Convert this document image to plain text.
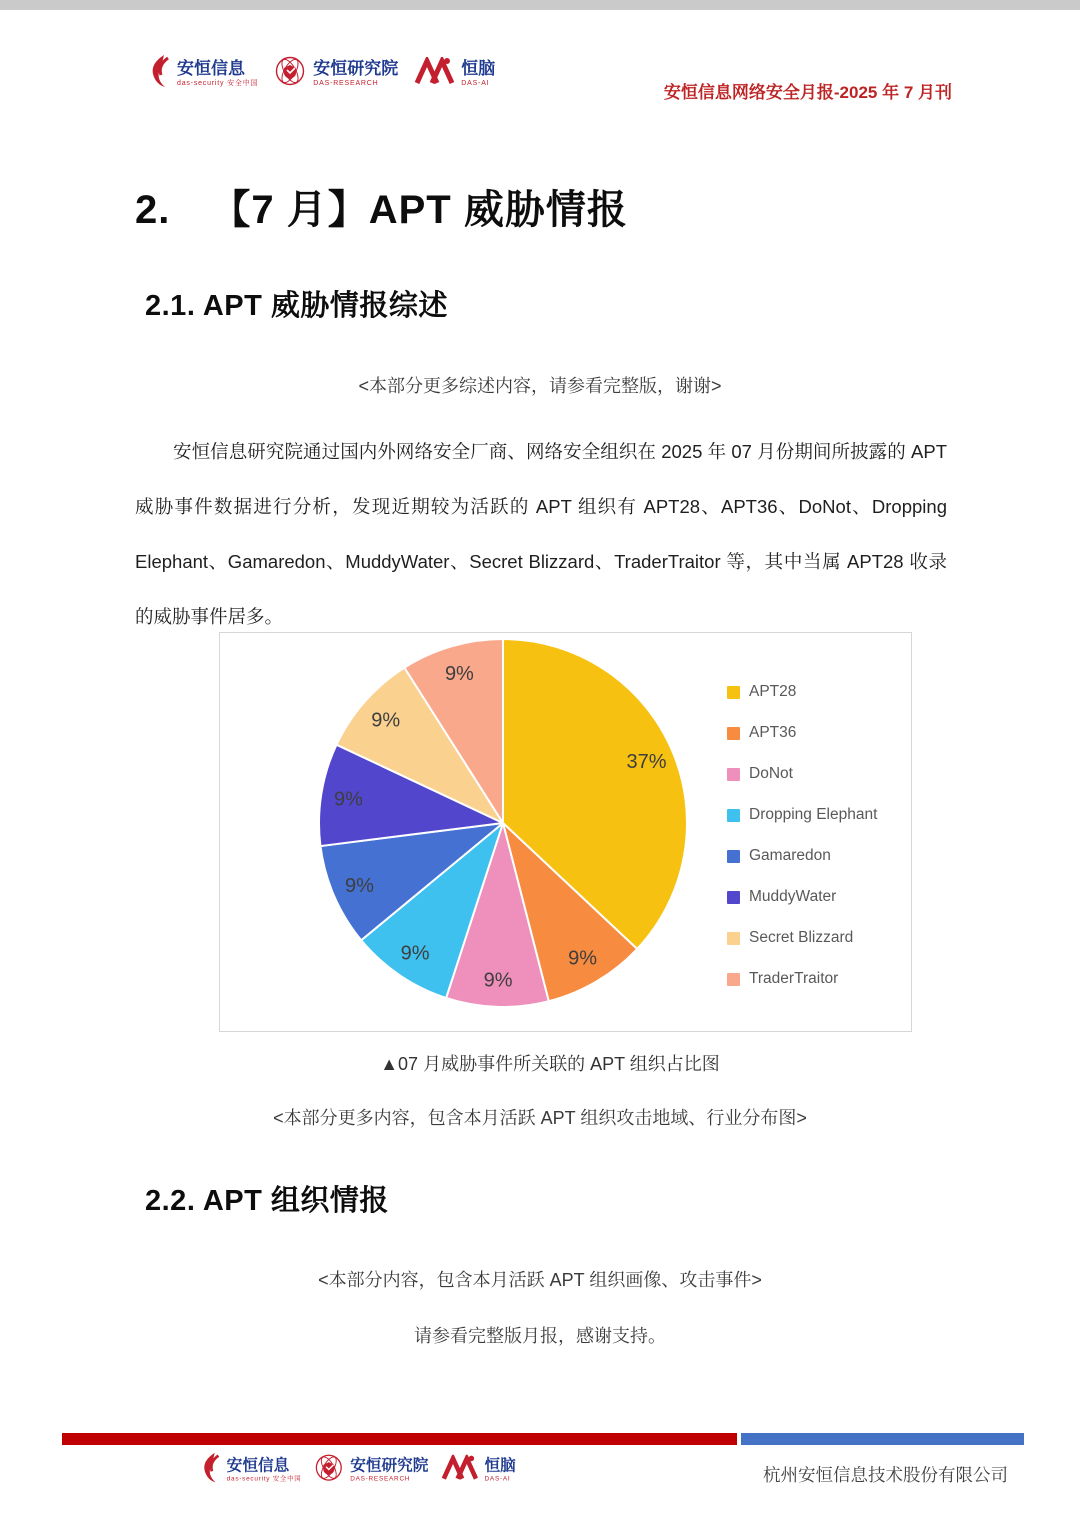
安恒信息
das-security 安全中国
安恒研究院
DAS-RESEARCH
恒脑
DAS-AI	安恒信息网络安全月报-2025 年 7 月刊
2. 【7 月】APT 威胁情报
2.1. APT 威胁情报综述
<本部分更多综述内容，请参看完整版，谢谢>
安恒信息研究院通过国内外网络安全厂商、网络安全组织在 2025 年 07 月份期间所披露的 APT 威胁事件数据进行分析，发现近期较为活跃的 APT 组织有 APT28、APT36、DoNot、Dropping Elephant、Gamaredon、MuddyWater、Secret Blizzard、TraderTraitor 等，其中当属 APT28 收录的威胁事件居多。
37%
9%
9%
9%
9%
9%
9%
9%
APT28
APT36
DoNot
Dropping Elephant
Gamaredon
MuddyWater
Secret Blizzard
TraderTraitor
▲07 月威胁事件所关联的 APT 组织占比图
<本部分更多内容，包含本月活跃 APT 组织攻击地域、行业分布图>
2.2. APT 组织情报
<本部分内容，包含本月活跃 APT 组织画像、攻击事件>
请参看完整版月报，感谢支持。
安恒信息
das-security 安全中国
安恒研究院
DAS-RESEARCH
恒脑
DAS-AI	杭州安恒信息技术股份有限公司
